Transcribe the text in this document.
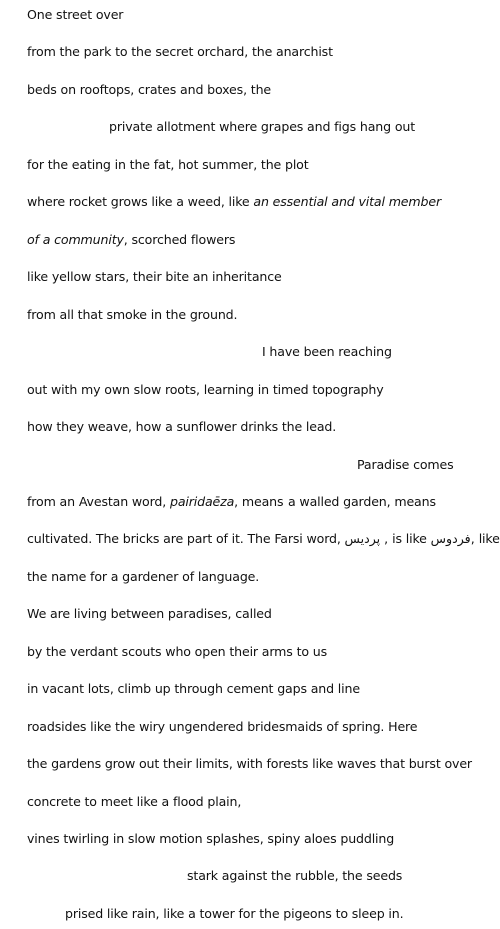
One street over
from the park to the secret orchard, the anarchist
beds on rooftops, crates and boxes, the
private allotment where grapes and figs hang out
for the eating in the fat, hot summer, the plot
where rocket grows like a weed, like an essential and vital member
of a community, scorched flowers
like yellow stars, their bite an inheritance
from all that smoke in the ground.
I have been reaching
out with my own slow roots, learning in timed topography
how they weave, how a sunflower drinks the lead.
Paradise comes
from an Avestan word, pairidaēza, means a walled garden, means
cultivated. The bricks are part of it. The Farsi word, پردیس , is like فردوس, like
the name for a gardener of language.
We are living between paradises, called
by the verdant scouts who open their arms to us
in vacant lots, climb up through cement gaps and line
roadsides like the wiry ungendered bridesmaids of spring. Here
the gardens grow out their limits, with forests like waves that burst over
concrete to meet like a flood plain,
vines twirling in slow motion splashes, spiny aloes puddling
stark against the rubble, the seeds
prised like rain, like a tower for the pigeons to sleep in.
